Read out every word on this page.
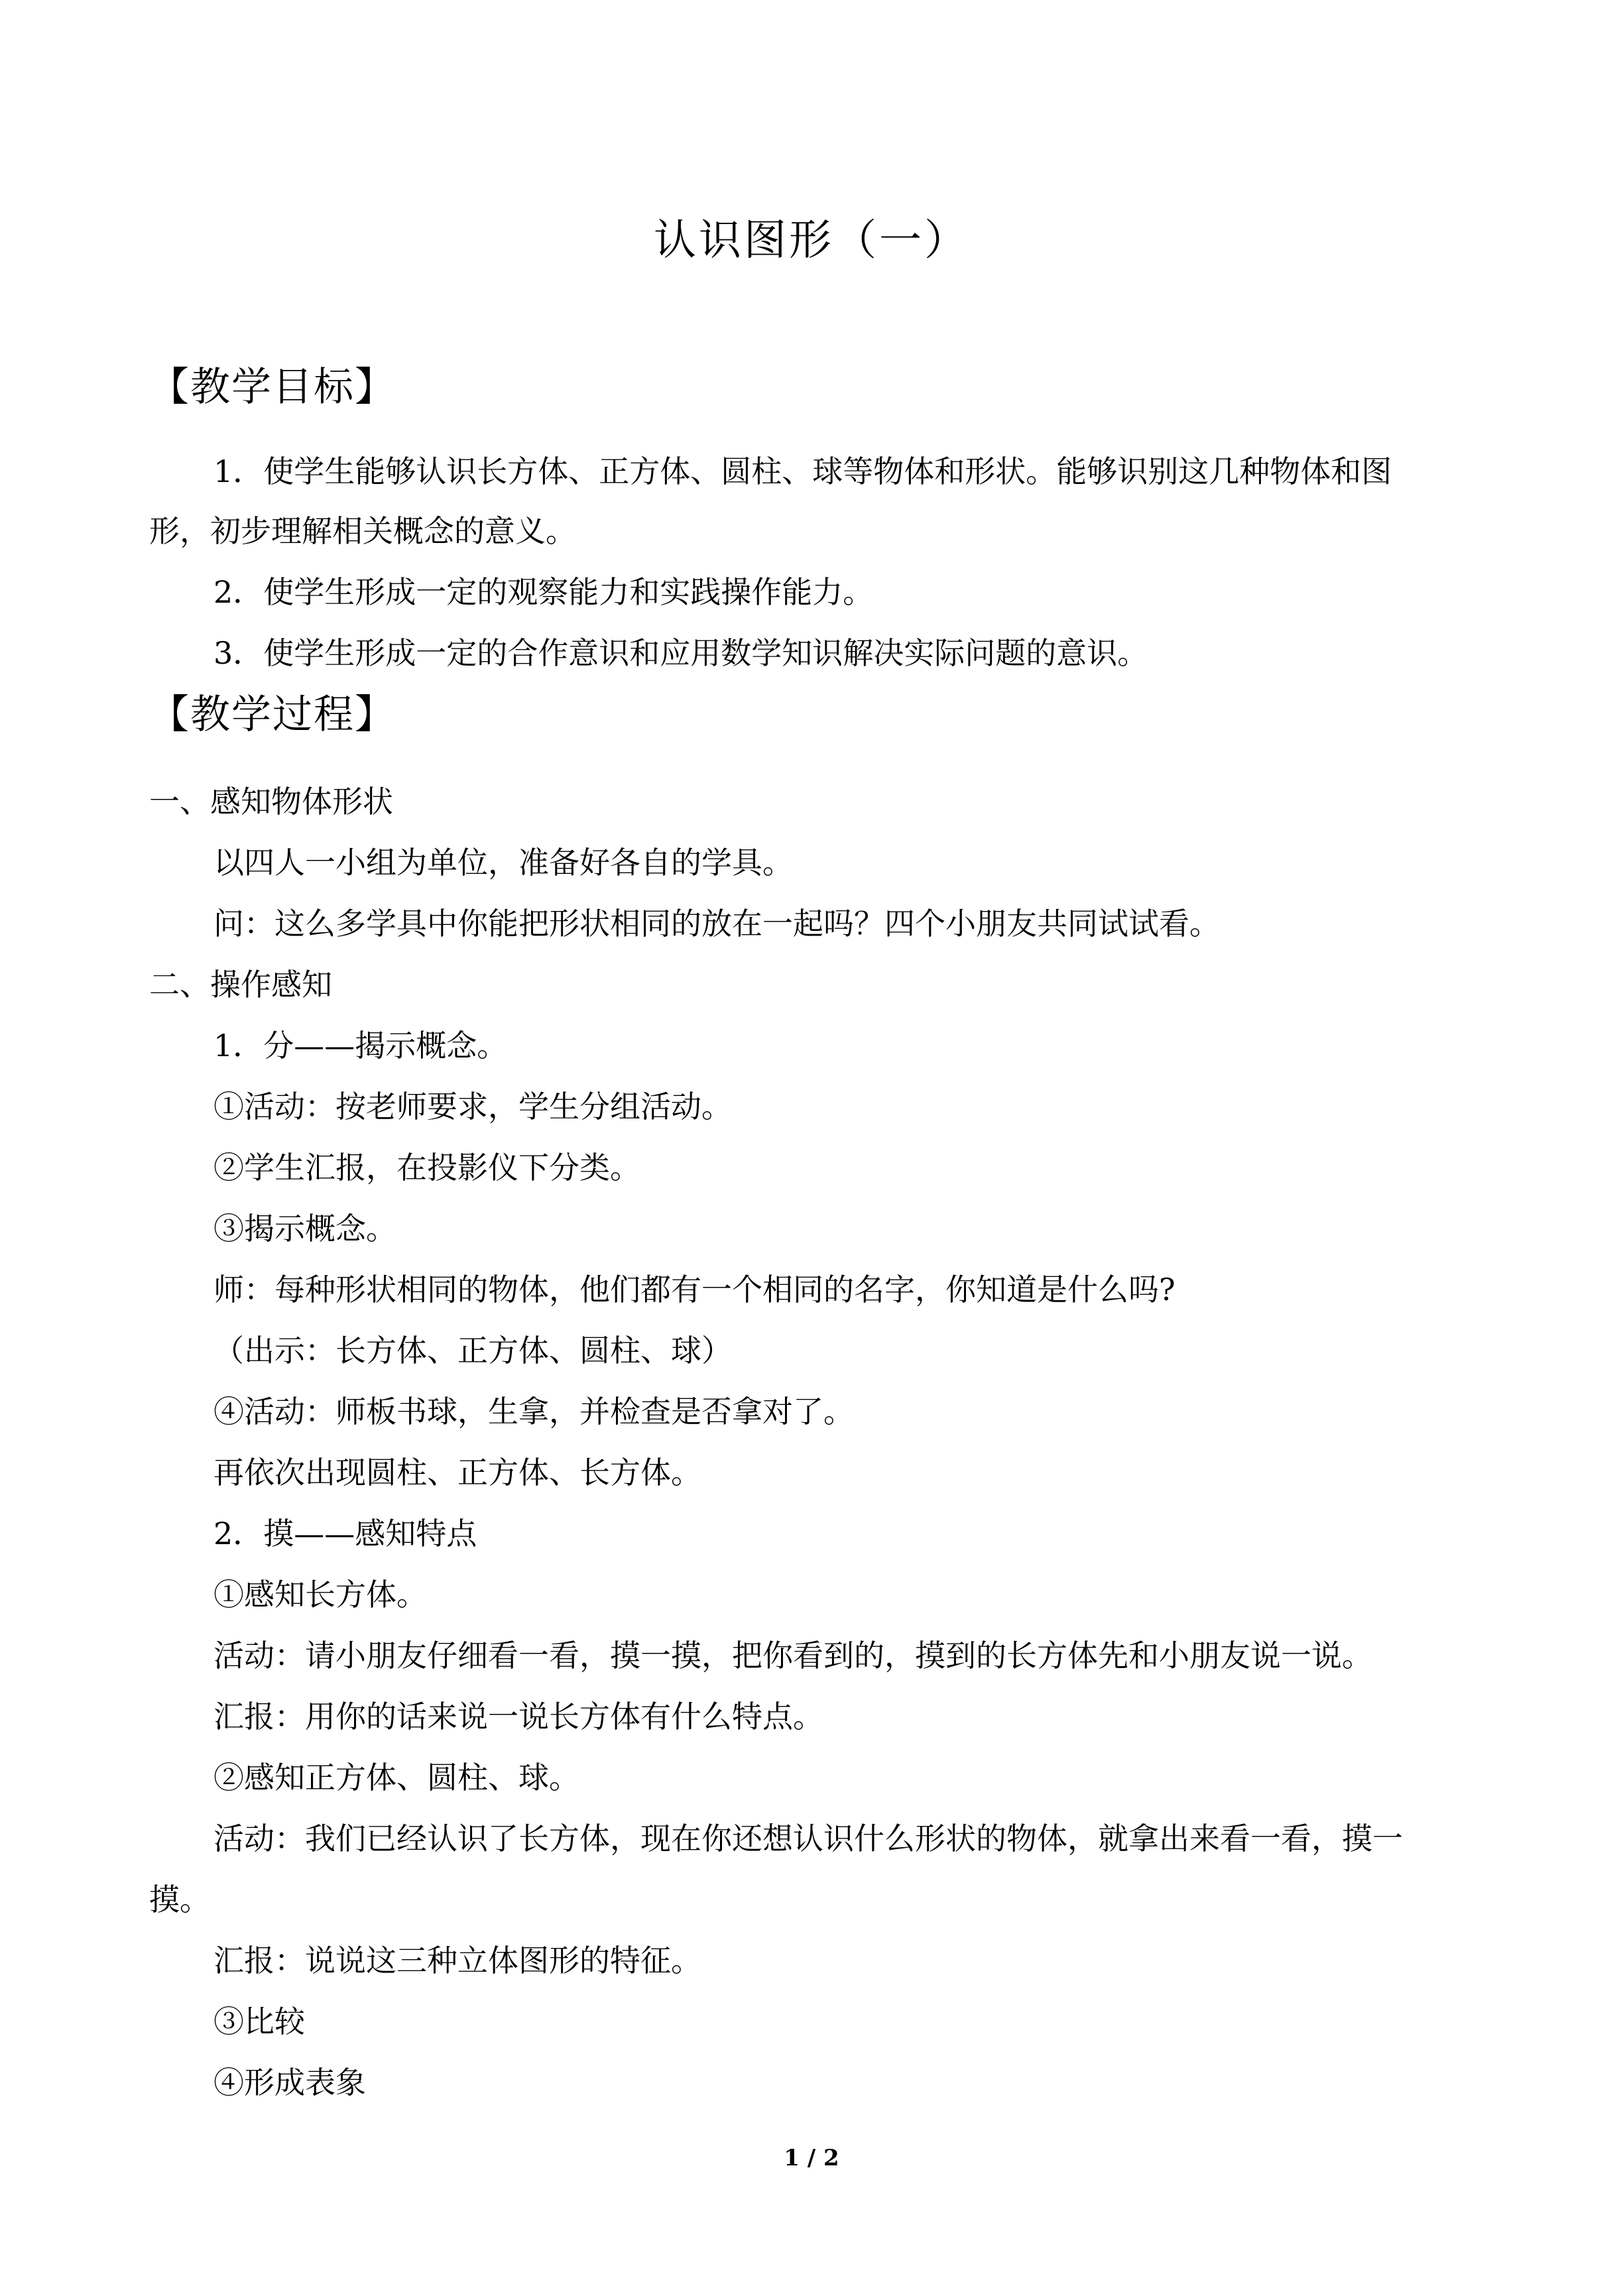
认识图形（一）
【教学目标】
1．使学生能够认识长方体、正方体、圆柱、球等物体和形状。能够识别这几种物体和图
形，初步理解相关概念的意义。
2．使学生形成一定的观察能力和实践操作能力。
3．使学生形成一定的合作意识和应用数学知识解决实际问题的意识。
【教学过程】
一、感知物体形状
以四人一小组为单位，准备好各自的学具。
问：这么多学具中你能把形状相同的放在一起吗？四个小朋友共同试试看。
二、操作感知
1．分——揭示概念。
①活动：按老师要求，学生分组活动。
②学生汇报，在投影仪下分类。
③揭示概念。
师：每种形状相同的物体，他们都有一个相同的名字，你知道是什么吗?
（出示：长方体、正方体、圆柱、球）
④活动：师板书球，生拿，并检查是否拿对了。
再依次出现圆柱、正方体、长方体。
2．摸——感知特点
①感知长方体。
活动：请小朋友仔细看一看，摸一摸，把你看到的，摸到的长方体先和小朋友说一说。
汇报：用你的话来说一说长方体有什么特点。
②感知正方体、圆柱、球。
活动：我们已经认识了长方体，现在你还想认识什么形状的物体，就拿出来看一看，摸一
摸。
汇报：说说这三种立体图形的特征。
③比较
④形成表象
1 / 2
